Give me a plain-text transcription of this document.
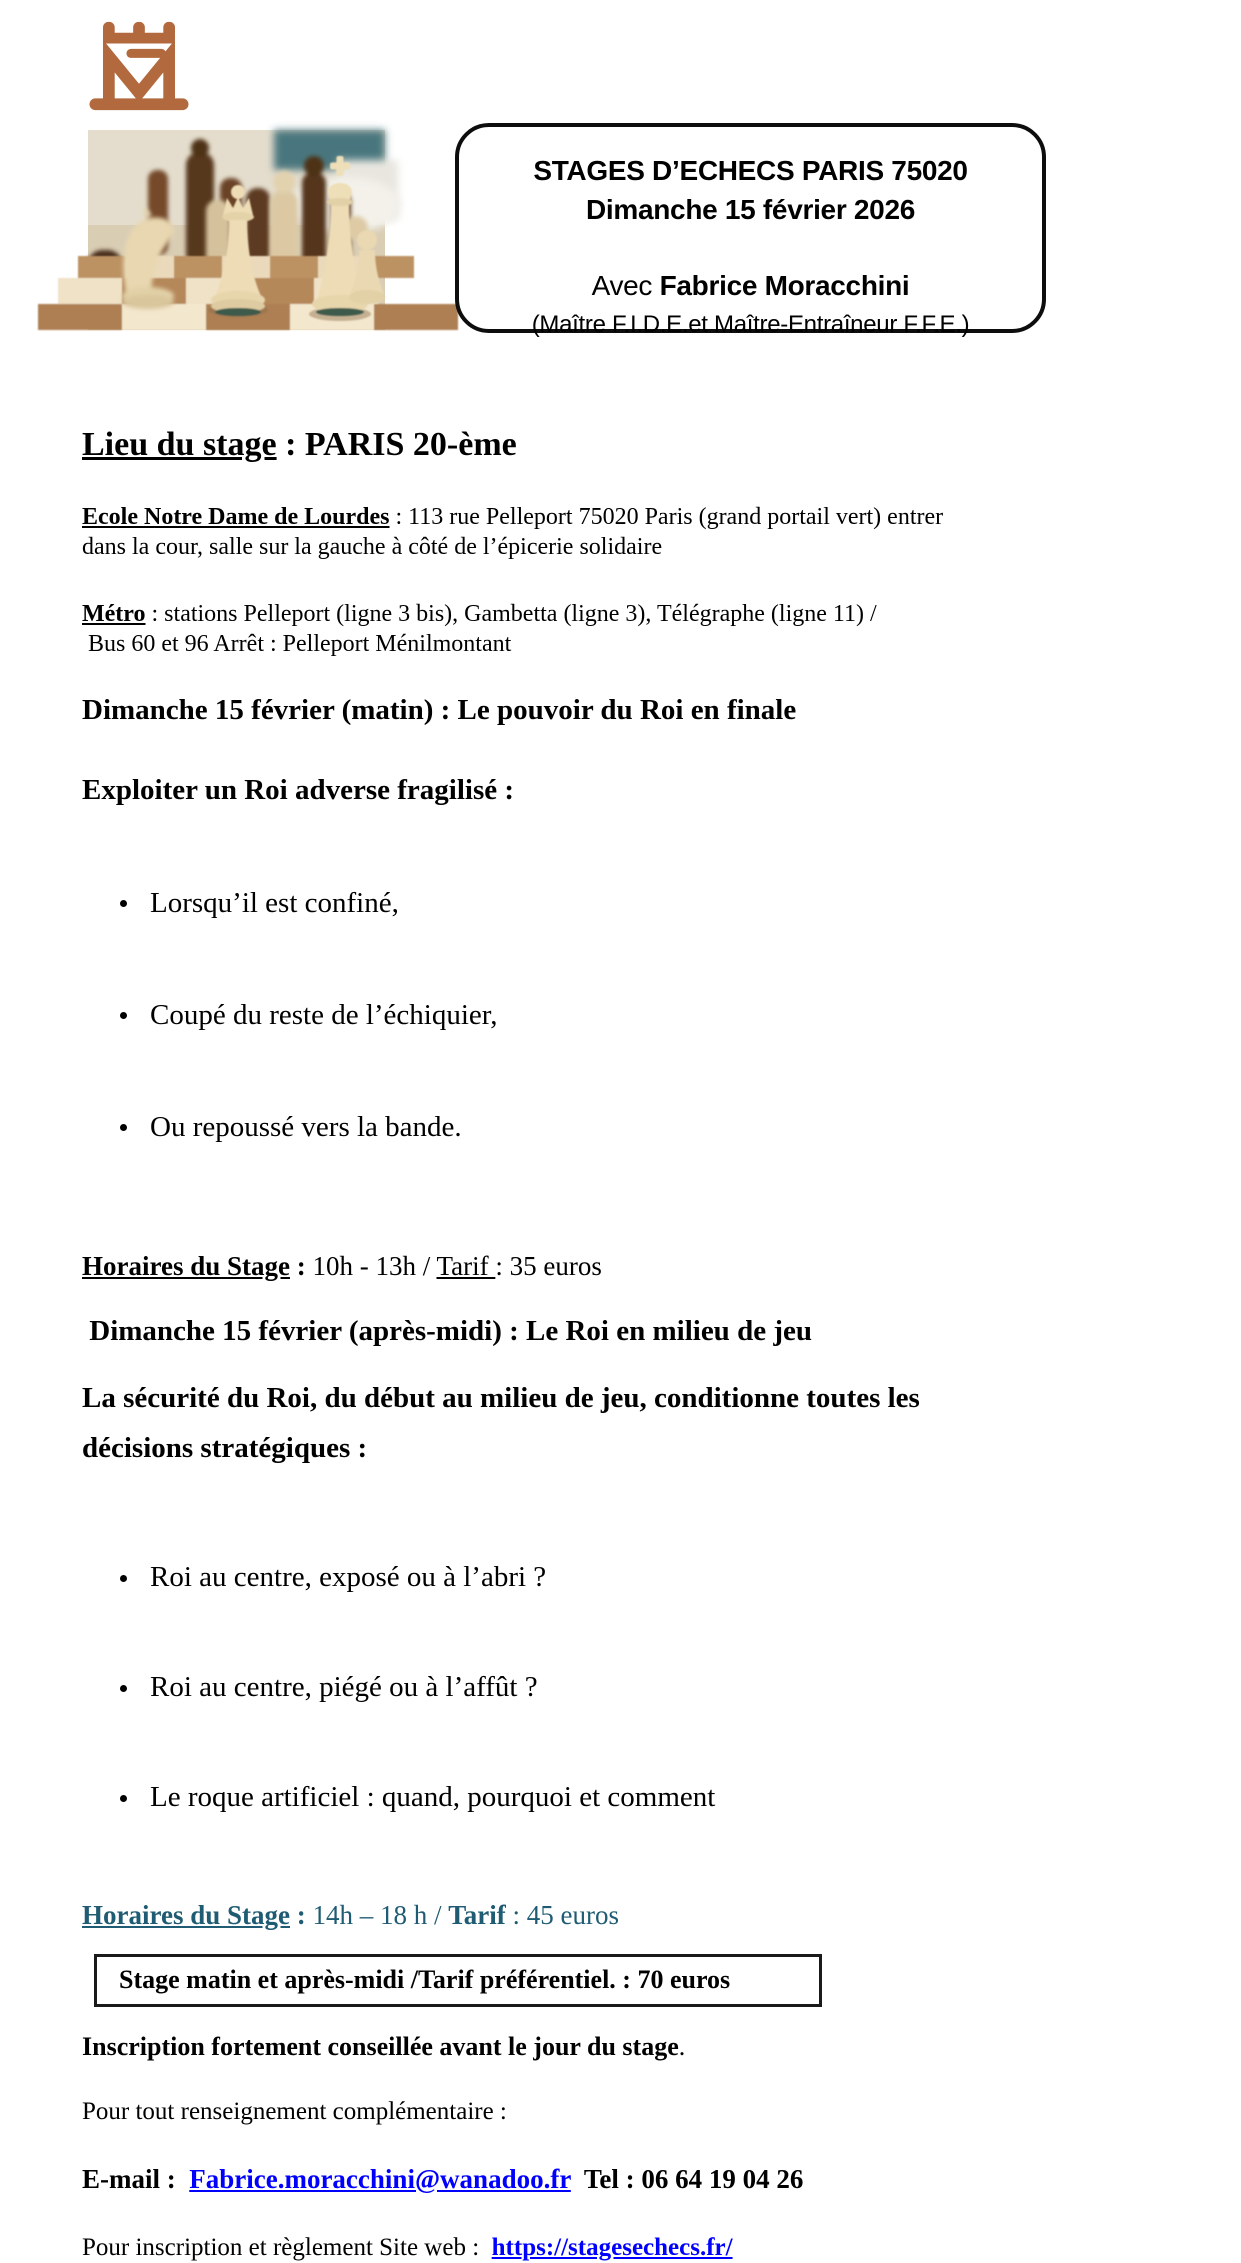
STAGES D’ECHECS PARIS 75020
Dimanche 15 février 2026
Avec Fabrice Moracchini
(Maître F.I.D.E.et Maître-Entraîneur F.F.E.)
Lieu du stage : PARIS 20-ème

Ecole Notre Dame de Lourdes : 113 rue Pelleport 75020 Paris (grand portail vert) entrer
dans la cour, salle sur la gauche à côté de l’épicerie solidaire

Métro : stations Pelleport (ligne 3 bis), Gambetta (ligne 3), Télégraphe (ligne 11) /
Bus 60 et 96 Arrêt : Pelleport Ménilmontant

Dimanche 15 février (matin) : Le pouvoir du Roi en finale
Exploiter un Roi adverse fragilisé :

Lorsqu’il est confiné,

Coupé du reste de l’échiquier,

Ou repoussé vers la bande.

Horaires du Stage : 10h - 13h / Tarif : 35 euros
Dimanche 15 février (après-midi) : Le Roi en milieu de jeu
La sécurité du Roi, du début au milieu de jeu, conditionne toutes les
décisions stratégiques :

Roi au centre, exposé ou à l’abri ?

Roi au centre, piégé ou à l’affût ?

Le roque artificiel : quand, pourquoi et comment

Horaires du Stage : 14h – 18 h / Tarif : 45 euros
Stage matin et après-midi /Tarif préférentiel. : 70 euros
Inscription fortement conseillée avant le jour du stage.
Pour tout renseignement complémentaire :
E-mail :  Fabrice.moracchini@wanadoo.fr  Tel : 06 64 19 04 26
Pour inscription et règlement Site web :  https://stagesechecs.fr/
